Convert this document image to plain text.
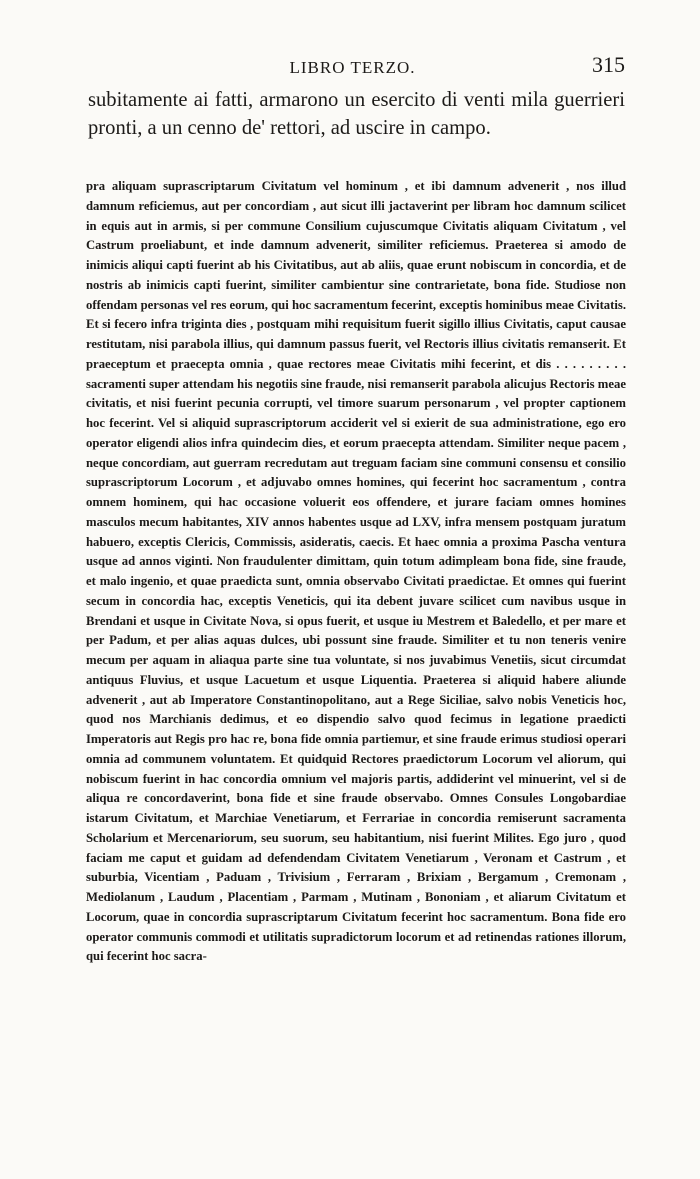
LIBRO TERZO.	315

subitamente ai fatti, armarono un esercito di venti mila guerrieri pronti, a un cenno de' rettori, ad uscire in campo.

pra aliquam suprascriptarum Civitatum vel hominum , et ibi damnum advenerit , nos illud damnum reficiemus, aut per concordiam , aut sicut illi jactaverint per libram hoc damnum scilicet in equis aut in armis, si per commune Consilium cujuscumque Civitatis aliquam Civitatum , vel Castrum proeliabunt, et inde damnum advenerit, similiter reficiemus. Praeterea si amodo de inimicis aliqui capti fuerint ab his Civitatibus, aut ab aliis, quae erunt nobiscum in concordia, et de nostris ab inimicis capti fuerint, similiter cambientur sine contrarietate, bona fide. Studiose non offendam personas vel res eorum, qui hoc sacramentum fecerint, exceptis hominibus meae Civitatis. Et si fecero infra triginta dies , postquam mihi requisitum fuerit sigillo illius Civitatis, caput causae restitutam, nisi parabola illius, qui damnum passus fuerit, vel Rectoris illius civitatis remanserit. Et praeceptum et praecepta omnia , quae rectores meae Civitatis mihi fecerint, et dis . . . . . . . . . sacramenti super attendam his negotiis sine fraude, nisi remanserit parabola alicujus Rectoris meae civitatis, et nisi fuerint pecunia corrupti, vel timore suarum personarum , vel propter captionem hoc fecerint. Vel si aliquid suprascriptorum acciderit vel si exierit de sua administratione, ego ero operator eligendi alios infra quindecim dies, et eorum praecepta attendam. Similiter neque pacem , neque concordiam, aut guerram recredutam aut treguam faciam sine communi consensu et consilio suprascriptorum Locorum , et adjuvabo omnes homines, qui fecerint hoc sacramentum , contra omnem hominem, qui hac occasione voluerit eos offendere, et jurare faciam omnes homines masculos mecum habitantes, XIV annos habentes usque ad LXV, infra mensem postquam juratum habuero, exceptis Clericis, Commissis, asideratis, caecis. Et haec omnia a proxima Pascha ventura usque ad annos viginti. Non fraudulenter dimittam, quin totum adimpleam bona fide, sine fraude, et malo ingenio, et quae praedicta sunt, omnia observabo Civitati praedictae. Et omnes qui fuerint secum in concordia hac, exceptis Veneticis, qui ita debent juvare scilicet cum navibus usque in Brendani et usque in Civitate Nova, si opus fuerit, et usque iu Mestrem et Baledello, et per mare et per Padum, et per alias aquas dulces, ubi possunt sine fraude. Similiter et tu non teneris venire mecum per aquam in aliaqua parte sine tua voluntate, si nos juvabimus Venetiis, sicut circumdat antiquus Fluvius, et usque Lacuetum et usque Liquentia. Praeterea si aliquid habere aliunde advenerit , aut ab Imperatore Constantinopolitano, aut a Rege Siciliae, salvo nobis Veneticis hoc, quod nos Marchianis dedimus, et eo dispendio salvo quod fecimus in legatione praedicti Imperatoris aut Regis pro hac re, bona fide omnia partiemur, et sine fraude erimus studiosi operari omnia ad communem voluntatem. Et quidquid Rectores praedictorum Locorum vel aliorum, qui nobiscum fuerint in hac concordia omnium vel majoris partis, addiderint vel minuerint, vel si de aliqua re concordaverint, bona fide et sine fraude observabo. Omnes Consules Longobardiae istarum Civitatum, et Marchiae Venetiarum, et Ferrariae in concordia remiserunt sacramenta Scholarium et Mercenariorum, seu suorum, seu habitantium, nisi fuerint Milites. Ego juro , quod faciam me caput et guidam ad defendendam Civitatem Venetiarum , Veronam et Castrum , et suburbia, Vicentiam , Paduam , Trivisium , Ferraram , Brixiam , Bergamum , Cremonam , Mediolanum , Laudum , Placentiam , Parmam , Mutinam , Bononiam , et aliarum Civitatum et Locorum, quae in concordia suprascriptarum Civitatum fecerint hoc sacramentum. Bona fide ero operator communis commodi et utilitatis supradictorum locorum et ad retinendas rationes illorum, qui fecerint hoc sacra-
